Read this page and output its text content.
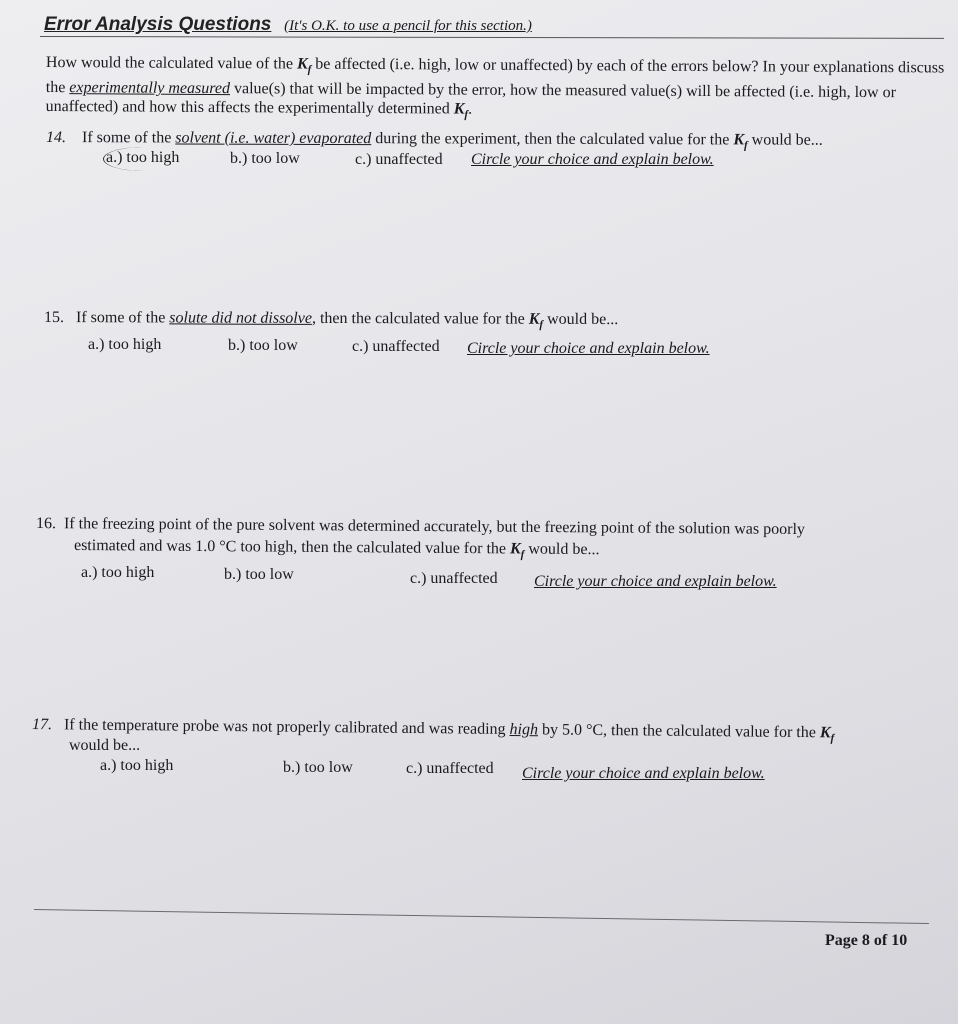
Error Analysis Questions (It's O.K. to use a pencil for this section.)
How would the calculated value of the $K_f$ be affected (i.e. high, low or unaffected) by each of the errors below? In your explanations discuss the experimentally measured value(s) that will be impacted by the error, how the measured value(s) will be affected (i.e. high, low or unaffected) and how this affects the experimentally determined $K_f$.
14. If some of the solvent (i.e. water) evaporated during the experiment, then the calculated value for the $K_f$ would be...
a.) too high	b.) too low	c.) unaffected Circle your choice and explain below.
15. If some of the solute did not dissolve, then the calculated value for the $K_f$ would be...
a.) too high	b.) too low	c.) unaffected Circle your choice and explain below.
16. If the freezing point of the pure solvent was determined accurately, but the freezing point of the solution was poorly
estimated and was 1.0 °C too high, then the calculated value for the $K_f$ would be...
a.) too high	b.) too low	c.) unaffected Circle your choice and explain below.
17. If the temperature probe was not properly calibrated and was reading high by 5.0 °C, then the calculated value for the $K_f$
would be...
a.) too high	b.) too low	c.) unaffected Circle your choice and explain below.
Page 8 of 10
